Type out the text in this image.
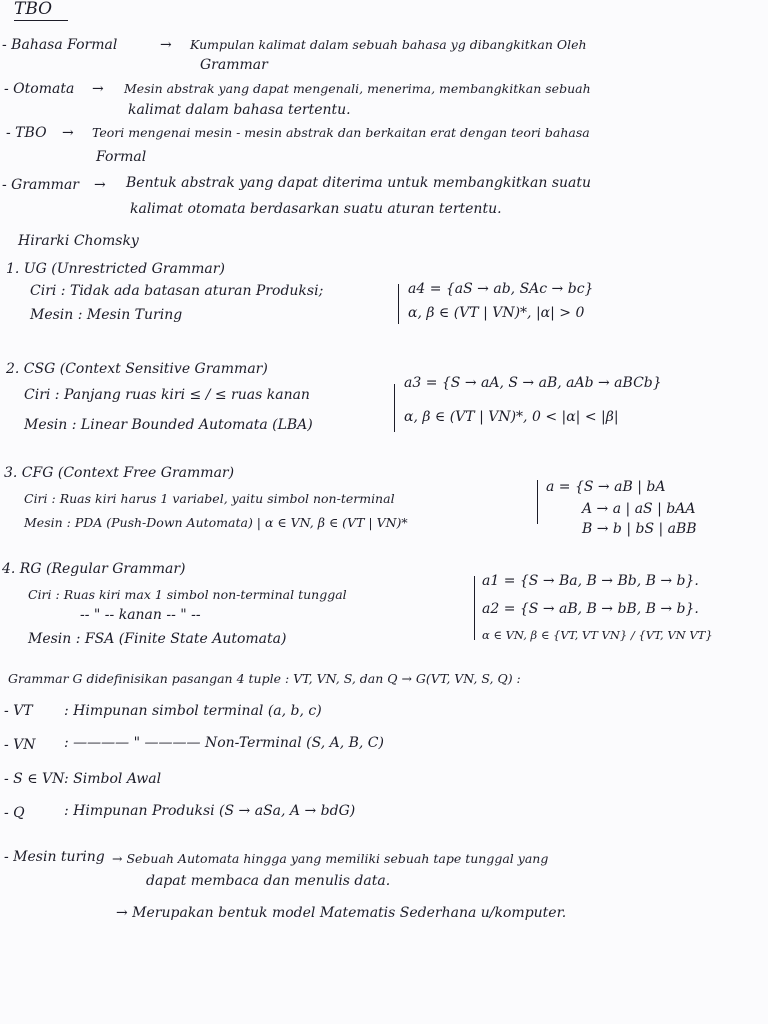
TBO
- Bahasa Formal	→ Kumpulan kalimat dalam sebuah bahasa yg dibangkitkan Oleh
Grammar
- Otomata → Mesin abstrak yang dapat mengenali, menerima, membangkitkan sebuah
kalimat dalam bahasa tertentu.
- TBO → Teori mengenai mesin - mesin abstrak dan berkaitan erat dengan teori bahasa
Formal
- Grammar → Bentuk abstrak yang dapat diterima untuk membangkitkan suatu
kalimat otomata berdasarkan suatu aturan tertentu.
Hirarki Chomsky
1. UG (Unrestricted Grammar)
Ciri : Tidak ada batasan aturan Produksi;
Mesin : Mesin Turing
a4 = {aS → ab, SAc → bc}
α, β ∈ (VT | VN)*, |α| > 0
2. CSG (Context Sensitive Grammar)
Ciri : Panjang ruas kiri ≤ / ≤ ruas kanan
Mesin : Linear Bounded Automata (LBA)
a3 = {S → aA, S → aB, aAb → aBCb}
α, β ∈ (VT | VN)*, 0 < |α| < |β|
3. CFG (Context Free Grammar)
Ciri : Ruas kiri harus 1 variabel, yaitu simbol non-terminal
Mesin : PDA (Push-Down Automata) | α ∈ VN, β ∈ (VT | VN)*
a = {S → aB | bA
A → a | aS | bAA
B → b | bS | aBB
4. RG (Regular Grammar)
Ciri : Ruas kiri max 1 simbol non-terminal tunggal
-- " -- kanan -- " --
Mesin : FSA (Finite State Automata)
a1 = {S → Ba, B → Bb, B → b}.
a2 = {S → aB, B → bB, B → b}.
α ∈ VN, β ∈ {VT, VT VN} / {VT, VN VT}
Grammar G didefinisikan pasangan 4 tuple : VT, VN, S, dan Q → G(VT, VN, S, Q) :
- VT : Himpunan simbol terminal (a, b, c)
- VN : ———— " ———— Non-Terminal (S, A, B, C)
- S ∈ VN : Simbol Awal
- Q	: Himpunan Produksi (S → aSa, A → bdG)
- Mesin turing → Sebuah Automata hingga yang memiliki sebuah tape tunggal yang
dapat membaca dan menulis data.
→ Merupakan bentuk model Matematis Sederhana u/komputer.
